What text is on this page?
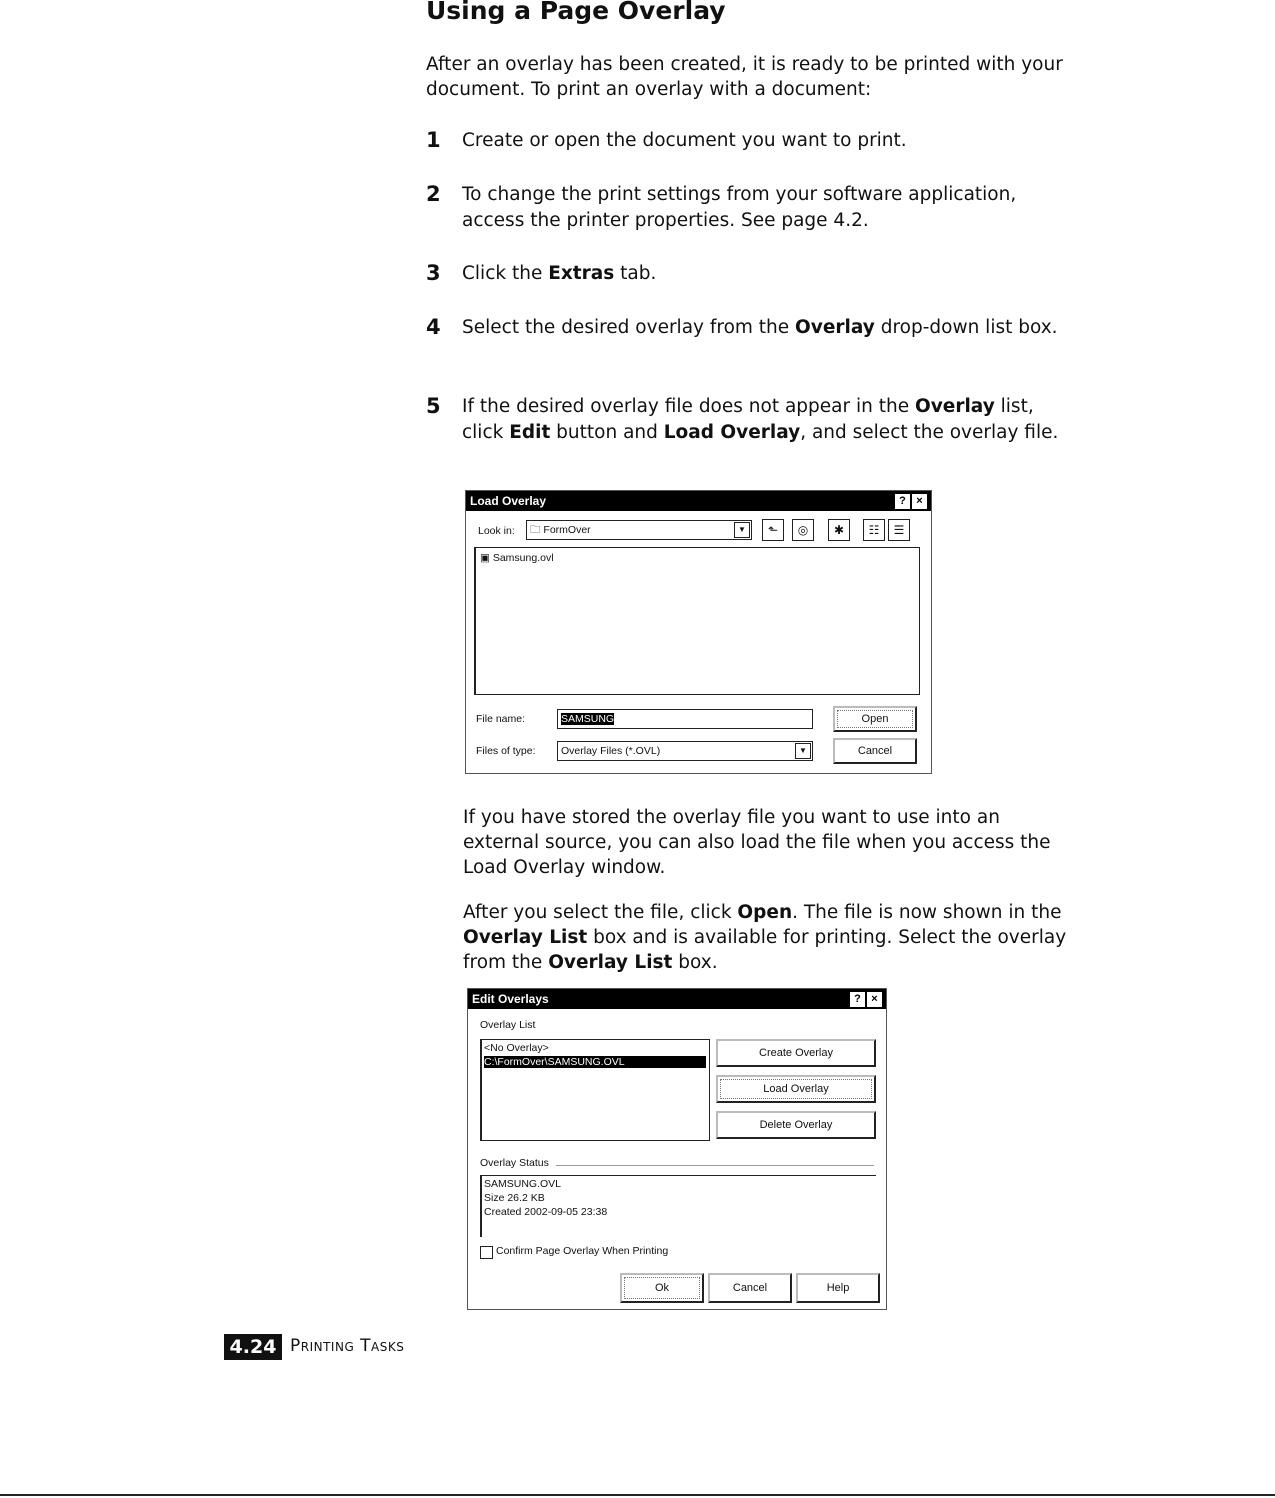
Using a Page Overlay

After an overlay has been created, it is ready to be printed with your document. To print an overlay with a document:

1 Create or open the document you want to print.
2 To change the print settings from your software application, access the printer properties. See page 4.2.
3 Click the Extras tab.
4 Select the desired overlay from the Overlay drop-down list box.
5 If the desired overlay file does not appear in the Overlay list, click Edit button and Load Overlay, and select the overlay file.
Load Overlay	? ×
Look in:	🗀 FormOver	▼	⬑	◎	✱	☷	☰
▣ Samsung.ovl
File name:	SAMSUNG
Files of type:	Overlay Files (*.OVL)	▼
Open
Cancel

If you have stored the overlay file you want to use into an external source, you can also load the file when you access the Load Overlay window.

After you select the file, click Open. The file is now shown in the Overlay List box and is available for printing. Select the overlay from the Overlay List box.

Edit Overlays	? ×
Overlay List
<No Overlay>
C:\FormOver\SAMSUNG.OVL
Create Overlay
Load Overlay
Delete Overlay
Overlay Status
SAMSUNG.OVL
Size 26.2 KB
Created 2002-09-05 23:38
Confirm Page Overlay When Printing
Ok	Cancel	Help
4.24 Printing Tasks
